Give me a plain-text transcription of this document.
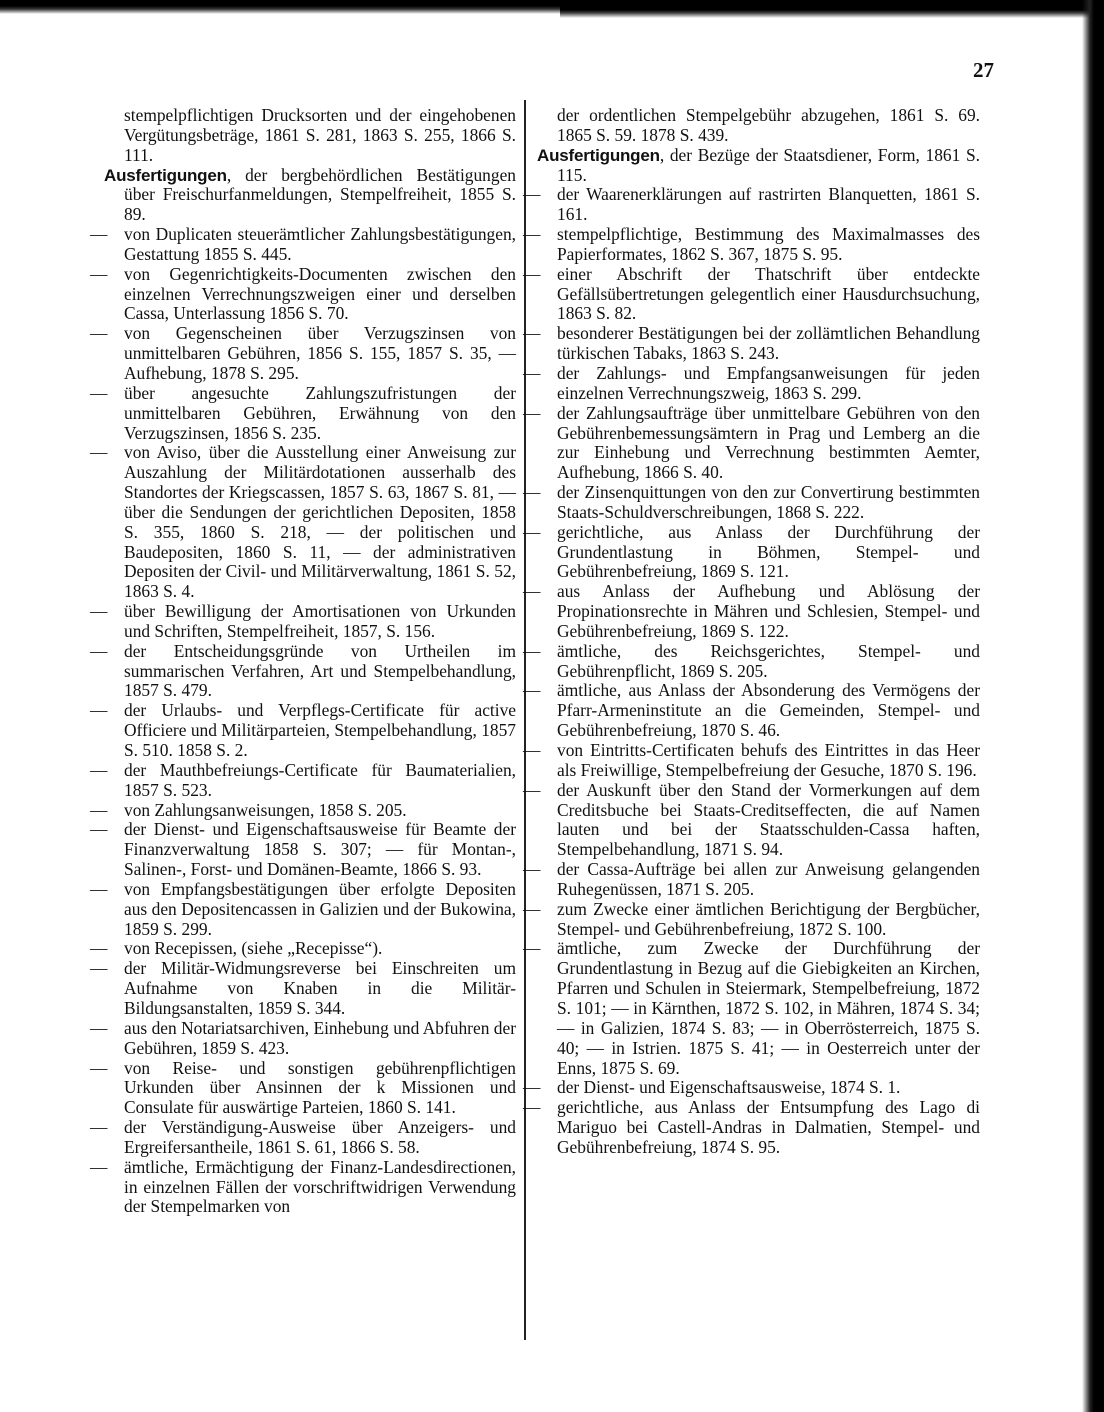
27

stempelpflichtigen Drucksorten und der eingehobenen Vergütungsbeträge, 1861 S. 281, 1863 S. 255, 1866 S. 111.

Ausfertigungen, der bergbehördlichen Bestätigungen über Freischurfanmeldungen, Stempelfreiheit, 1855 S. 89.

— von Duplicaten steuerämtlicher Zahlungsbestätigungen, Gestattung 1855 S. 445.

— von Gegenrichtigkeits-Documenten zwischen den einzelnen Verrechnungszweigen einer und derselben Cassa, Unterlassung 1856 S. 70.

— von Gegenscheinen über Verzugszinsen von unmittelbaren Gebühren, 1856 S. 155, 1857 S. 35, — Aufhebung, 1878 S. 295.

— über angesuchte Zahlungszufristungen der unmittelbaren Gebühren, Erwähnung von den Verzugszinsen, 1856 S. 235.

— von Aviso, über die Ausstellung einer Anweisung zur Auszahlung der Militärdotationen ausserhalb des Standortes der Kriegscassen, 1857 S. 63, 1867 S. 81, — über die Sendungen der gerichtlichen Depositen, 1858 S. 355, 1860 S. 218, — der politischen und Baudepositen, 1860 S. 11, — der administrativen Depositen der Civil- und Militärverwaltung, 1861 S. 52, 1863 S. 4.

— über Bewilligung der Amortisationen von Urkunden und Schriften, Stempelfreiheit, 1857, S. 156.

— der Entscheidungsgründe von Urtheilen im summarischen Verfahren, Art und Stempelbehandlung, 1857 S. 479.

— der Urlaubs- und Verpflegs-Certificate für active Officiere und Militärparteien, Stempelbehandlung, 1857 S. 510. 1858 S. 2.

— der Mauthbefreiungs-Certificate für Baumaterialien, 1857 S. 523.

— von Zahlungsanweisungen, 1858 S. 205.

— der Dienst- und Eigenschaftsausweise für Beamte der Finanzverwaltung 1858 S. 307; — für Montan-, Salinen-, Forst- und Domänen-Beamte, 1866 S. 93.

— von Empfangsbestätigungen über erfolgte Depositen aus den Depositencassen in Galizien und der Bukowina, 1859 S. 299.

— von Recepissen, (siehe „Recepisse“).

— der Militär-Widmungsreverse bei Einschreiten um Aufnahme von Knaben in die Militär-Bildungsanstalten, 1859 S. 344.

— aus den Notariatsarchiven, Einhebung und Abfuhren der Gebühren, 1859 S. 423.

— von Reise- und sonstigen gebührenpflichtigen Urkunden über Ansinnen der k Missionen und Consulate für auswärtige Parteien, 1860 S. 141.

— der Verständigung-Ausweise über Anzeigers- und Ergreifersantheile, 1861 S. 61, 1866 S. 58.

— ämtliche, Ermächtigung der Finanz-Landesdirectionen, in einzelnen Fällen der vorschriftwidrigen Verwendung der Stempelmarken von

der ordentlichen Stempelgebühr abzugehen, 1861 S. 69. 1865 S. 59. 1878 S. 439.

Ausfertigungen, der Bezüge der Staatsdiener, Form, 1861 S. 115.

— der Waarenerklärungen auf rastrirten Blanquetten, 1861 S. 161.

— stempelpflichtige, Bestimmung des Maximalmasses des Papierformates, 1862 S. 367, 1875 S. 95.

— einer Abschrift der Thatschrift über entdeckte Gefällsübertretungen gelegentlich einer Hausdurchsuchung, 1863 S. 82.

— besonderer Bestätigungen bei der zollämtlichen Behandlung türkischen Tabaks, 1863 S. 243.

— der Zahlungs- und Empfangsanweisungen für jeden einzelnen Verrechnungszweig, 1863 S. 299.

— der Zahlungsaufträge über unmittelbare Gebühren von den Gebührenbemessungsämtern in Prag und Lemberg an die zur Einhebung und Verrechnung bestimmten Aemter, Aufhebung, 1866 S. 40.

— der Zinsenquittungen von den zur Convertirung bestimmten Staats-Schuldverschreibungen, 1868 S. 222.

— gerichtliche, aus Anlass der Durchführung der Grundentlastung in Böhmen, Stempel- und Gebührenbefreiung, 1869 S. 121.

— aus Anlass der Aufhebung und Ablösung der Propinationsrechte in Mähren und Schlesien, Stempel- und Gebührenbefreiung, 1869 S. 122.

— ämtliche, des Reichsgerichtes, Stempel- und Gebührenpflicht, 1869 S. 205.

— ämtliche, aus Anlass der Absonderung des Vermögens der Pfarr-Armeninstitute an die Gemeinden, Stempel- und Gebührenbefreiung, 1870 S. 46.

— von Eintritts-Certificaten behufs des Eintrittes in das Heer als Freiwillige, Stempelbefreiung der Gesuche, 1870 S. 196.

— der Auskunft über den Stand der Vormerkungen auf dem Creditsbuche bei Staats-Creditseffecten, die auf Namen lauten und bei der Staatsschulden-Cassa haften, Stempelbehandlung, 1871 S. 94.

— der Cassa-Aufträge bei allen zur Anweisung gelangenden Ruhegenüssen, 1871 S. 205.

— zum Zwecke einer ämtlichen Berichtigung der Bergbücher, Stempel- und Gebührenbefreiung, 1872 S. 100.

— ämtliche, zum Zwecke der Durchführung der Grundentlastung in Bezug auf die Giebigkeiten an Kirchen, Pfarren und Schulen in Steiermark, Stempelbefreiung, 1872 S. 101; — in Kärnthen, 1872 S. 102, in Mähren, 1874 S. 34; — in Galizien, 1874 S. 83; — in Oberrösterreich, 1875 S. 40; — in Istrien. 1875 S. 41; — in Oesterreich unter der Enns, 1875 S. 69.

— der Dienst- und Eigenschaftsausweise, 1874 S. 1.

— gerichtliche, aus Anlass der Entsumpfung des Lago di Mariguo bei Castell-Andras in Dalmatien, Stempel- und Gebührenbefreiung, 1874 S. 95.
